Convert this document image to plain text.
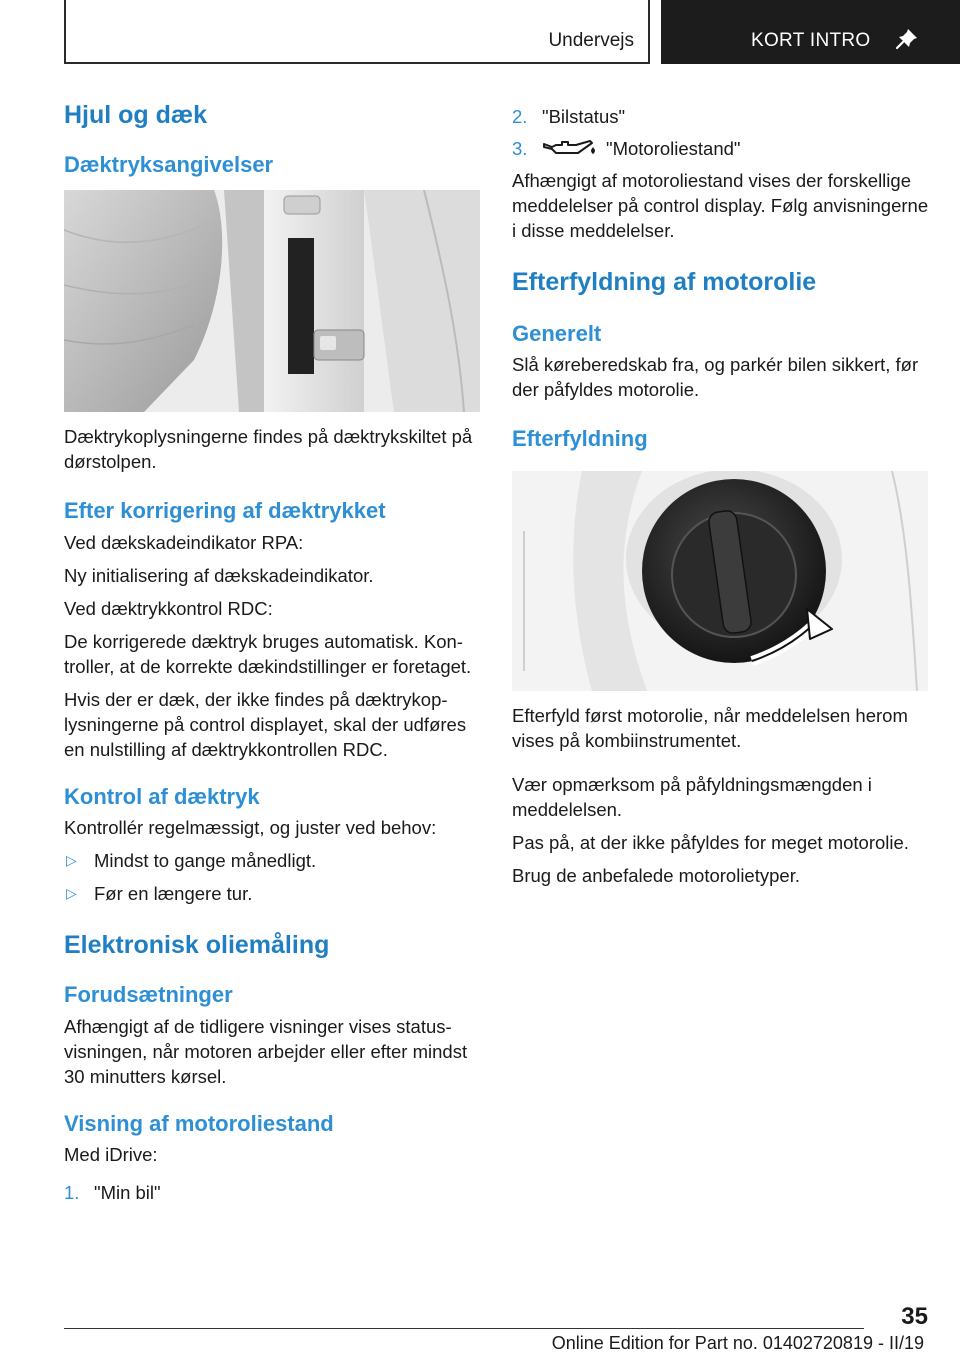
Undervejs	KORT INTRO
Hjul og dæk
Dæktryksangivelser

Dæktrykoplysningerne findes på dæktrykskiltet på dørstolpen.

Efter korrigering af dæktrykket

Ved dækskadeindikator RPA:

Ny initialisering af dækskadeindikator.

Ved dæktrykkontrol RDC:

De korrigerede dæktryk bruges automatisk. Kontroller, at de korrekte dækindstillinger er foretaget.

Hvis der er dæk, der ikke findes på dæktrykoplysningerne på control displayet, skal der udføres en nulstilling af dæktrykkontrollen RDC.

Kontrol af dæktryk

Kontrollér regelmæssigt, og juster ved behov:

▷ Mindst to gange månedligt.
▷ Før en længere tur.
Elektronisk oliemåling
Forudsætninger

Afhængigt af de tidligere visninger vises statusvisningen, når motoren arbejder eller efter mindst 30 minutters kørsel.

Visning af motoroliestand

Med iDrive:

1. "Min bil"
2. "Bilstatus"
3.	"Motoroliestand"

Afhængigt af motoroliestand vises der forskellige meddelelser på control display. Følg anvisningerne i disse meddelelser.

Efterfyldning af motorolie
Generelt

Slå køreberedskab fra, og parkér bilen sikkert, før der påfyldes motorolie.

Efterfyldning

Efterfyld først motorolie, når meddelelsen herom vises på kombiinstrumentet.

Vær opmærksom på påfyldningsmængden i meddelelsen.

Pas på, at der ikke påfyldes for meget motorolie.

Brug de anbefalede motorolietyper.

35
Online Edition for Part no. 01402720819 - II/19
